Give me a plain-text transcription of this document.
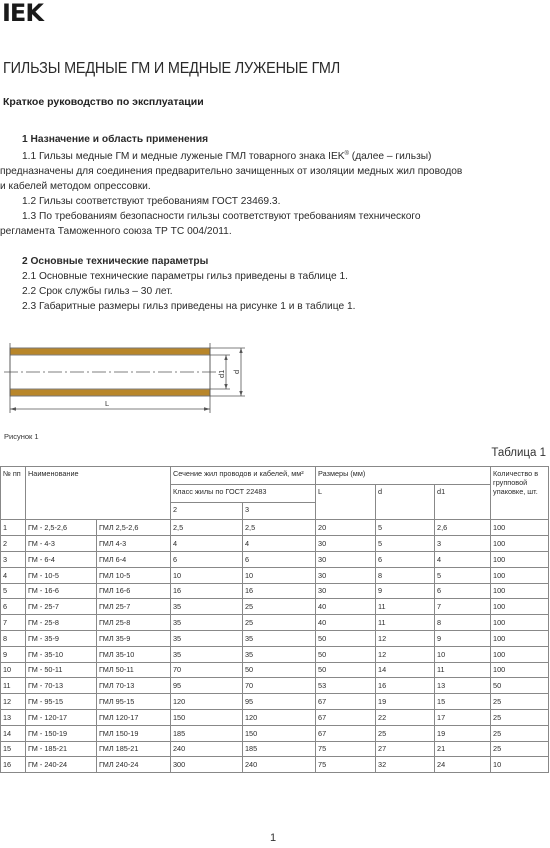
IEK
ГИЛЬЗЫ МЕДНЫЕ ГМ И МЕДНЫЕ ЛУЖЕНЫЕ ГМЛ
Краткое руководство по эксплуатации
1 Назначение и область применения
1.1 Гильзы медные ГМ и медные луженые ГМЛ товарного знака IEK® (далее – гильзы)
предназначены для соединения предварительно зачищенных от изоляции медных жил проводов
и кабелей методом опрессовки.
1.2 Гильзы соответствуют требованиям ГОСТ 23469.3.
1.3 По требованиям безопасности гильзы соответствуют требованиям технического
регламента Таможенного союза ТР ТС 004/2011.
2 Основные технические параметры
2.1 Основные технические параметры гильз приведены в таблице 1.
2.2 Срок службы гильз – 30 лет.
2.3 Габаритные размеры гильз приведены на рисунке 1 и в таблице 1.
L
d1 d
Рисунок 1
Таблица 1
№ пп	Наименование		Сечение жил проводов и кабелей, мм²		Размеры (мм)			Количество в групповой упаковке, шт.
			Класс жилы по ГОСТ 22483		L	d	d1	
			2	3				
1	ГМ - 2,5-2,6	ГМЛ 2,5-2,6	2,5	2,5	20	5	2,6	100
2	ГМ - 4-3	ГМЛ 4-3	4	4	30	5	3	100
3	ГМ - 6-4	ГМЛ 6-4	6	6	30	6	4	100
4	ГМ - 10-5	ГМЛ 10-5	10	10	30	8	5	100
5	ГМ - 16-6	ГМЛ 16-6	16	16	30	9	6	100
6	ГМ - 25-7	ГМЛ 25-7	35	25	40	11	7	100
7	ГМ - 25-8	ГМЛ 25-8	35	25	40	11	8	100
8	ГМ - 35-9	ГМЛ 35-9	35	35	50	12	9	100
9	ГМ - 35-10	ГМЛ 35-10	35	35	50	12	10	100
10	ГМ - 50-11	ГМЛ 50-11	70	50	50	14	11	100
11	ГМ - 70-13	ГМЛ 70-13	95	70	53	16	13	50
12	ГМ - 95-15	ГМЛ 95-15	120	95	67	19	15	25
13	ГМ - 120-17	ГМЛ 120-17	150	120	67	22	17	25
14	ГМ - 150-19	ГМЛ 150-19	185	150	67	25	19	25
15	ГМ - 185-21	ГМЛ 185-21	240	185	75	27	21	25
16	ГМ - 240-24	ГМЛ 240-24	300	240	75	32	24	10
1
